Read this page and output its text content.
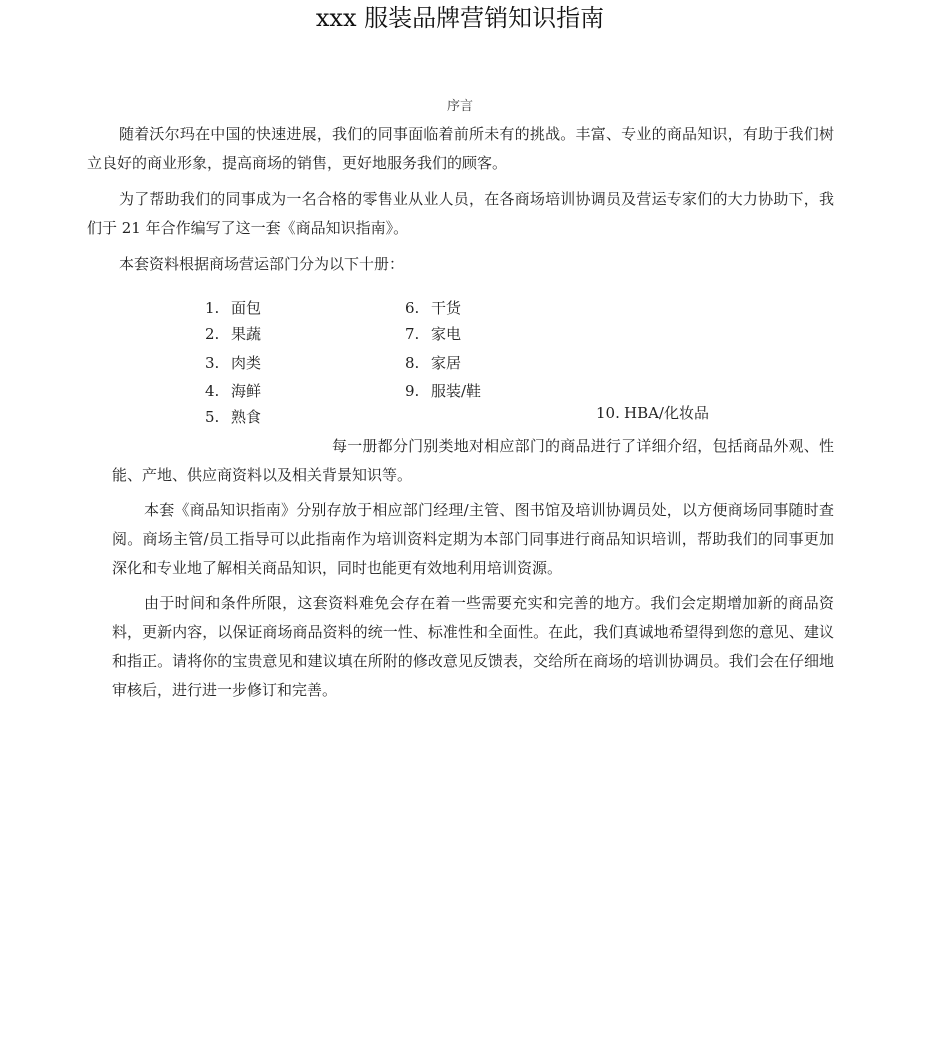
xxx 服装品牌营销知识指南
序言

随着沃尔玛在中国的快速进展，我们的同事面临着前所未有的挑战。丰富、专业的商品知识，有助于我们树立良好的商业形象，提高商场的销售，更好地服务我们的顾客。

为了帮助我们的同事成为一名合格的零售业从业人员，在各商场培训协调员及营运专家们的大力协助下，我们于 21 年合作编写了这一套《商品知识指南》。

本套资料根据商场营运部门分为以下十册：

1. 面包
2. 果蔬
3. 肉类
4. 海鲜
5. 熟食
6. 干货
7. 家电
8. 家居
9. 服装/鞋
10. HBA/化妆品

每一册都分门别类地对相应部门的商品进行了详细介绍，包括商品外观、性能、产地、供应商资料以及相关背景知识等。

本套《商品知识指南》分别存放于相应部门经理/主管、图书馆及培训协调员处，以方便商场同事随时查阅。商场主管/员工指导可以此指南作为培训资料定期为本部门同事进行商品知识培训，帮助我们的同事更加深化和专业地了解相关商品知识，同时也能更有效地利用培训资源。

由于时间和条件所限，这套资料难免会存在着一些需要充实和完善的地方。我们会定期增加新的商品资料，更新内容，以保证商场商品资料的统一性、标准性和全面性。在此，我们真诚地希望得到您的意见、建议和指正。请将你的宝贵意见和建议填在所附的修改意见反馈表，交给所在商场的培训协调员。我们会在仔细地审核后，进行进一步修订和完善。
